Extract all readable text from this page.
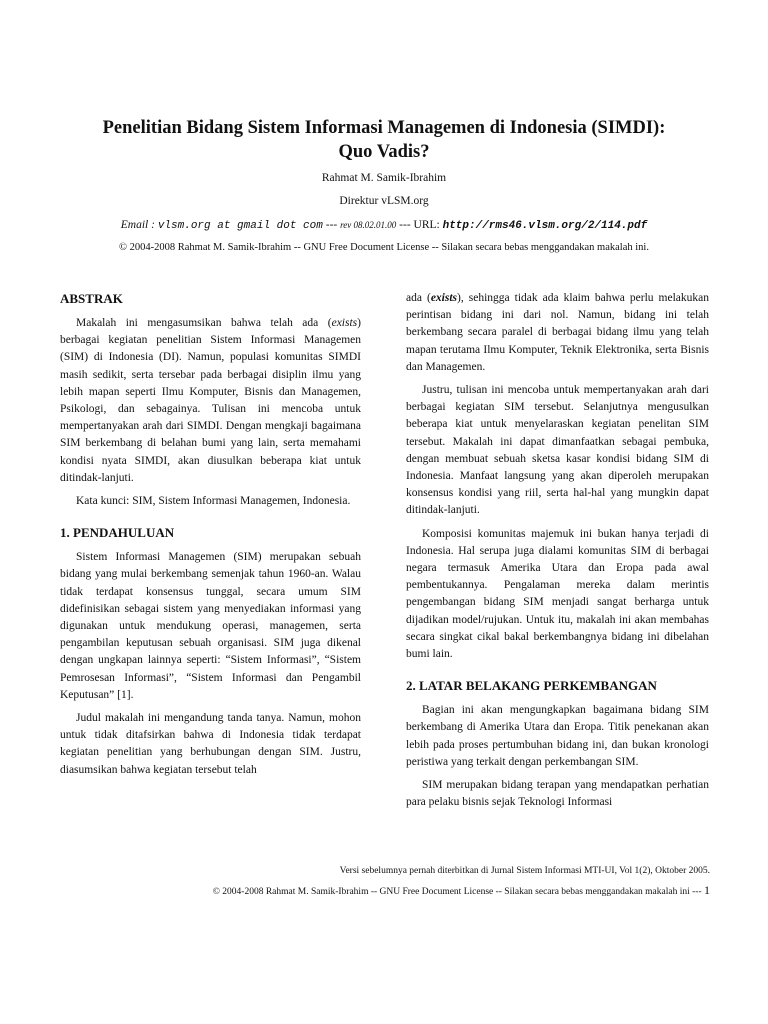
Penelitian Bidang Sistem Informasi Managemen di Indonesia (SIMDI):
Quo Vadis?
Rahmat M. Samik-Ibrahim
Direktur vLSM.org
Email : vlsm.org at gmail dot com --- rev 08.02.01.00 --- URL: http://rms46.vlsm.org/2/114.pdf
© 2004-2008 Rahmat M. Samik-Ibrahim -- GNU Free Document License -- Silakan secara bebas menggandakan makalah ini.
ABSTRAK

Makalah ini mengasumsikan bahwa telah ada (exists) berbagai kegiatan penelitian Sistem Informasi Managemen (SIM) di Indonesia (DI). Namun, populasi komunitas SIMDI masih sedikit, serta tersebar pada berbagai disiplin ilmu yang lebih mapan seperti Ilmu Komputer, Bisnis dan Managemen, Psikologi, dan sebagainya. Tulisan ini mencoba untuk mempertanyakan arah dari SIMDI. Dengan mengkaji bagaimana SIM berkembang di belahan bumi yang lain, serta memahami kondisi nyata SIMDI, akan diusulkan beberapa kiat untuk ditindak-lanjuti.

Kata kunci: SIM, Sistem Informasi Managemen, Indonesia.

1. PENDAHULUAN

Sistem Informasi Managemen (SIM) merupakan sebuah bidang yang mulai berkembang semenjak tahun 1960-an. Walau tidak terdapat konsensus tunggal, secara umum SIM didefinisikan sebagai sistem yang menyediakan informasi yang digunakan untuk mendukung operasi, managemen, serta pengambilan keputusan sebuah organisasi. SIM juga dikenal dengan ungkapan lainnya seperti: “Sistem Informasi”, “Sistem Pemrosesan Informasi”, “Sistem Informasi dan Pengambil Keputusan” [1].

Judul makalah ini mengandung tanda tanya. Namun, mohon untuk tidak ditafsirkan bahwa di Indonesia tidak terdapat kegiatan penelitian yang berhubungan dengan SIM. Justru, diasumsikan bahwa kegiatan tersebut telah

ada (exists), sehingga tidak ada klaim bahwa perlu melakukan perintisan bidang ini dari nol. Namun, bidang ini telah berkembang secara paralel di berbagai bidang ilmu yang telah mapan terutama Ilmu Komputer, Teknik Elektronika, serta Bisnis dan Managemen.

Justru, tulisan ini mencoba untuk mempertanyakan arah dari berbagai kegiatan SIM tersebut. Selanjutnya mengusulkan beberapa kiat untuk menyelaraskan kegiatan penelitan SIM tersebut. Makalah ini dapat dimanfaatkan sebagai pembuka, dengan membuat sebuah sketsa kasar kondisi bidang SIM di Indonesia. Manfaat langsung yang akan diperoleh merupakan konsensus kondisi yang riil, serta hal-hal yang mungkin dapat ditindak-lanjuti.

Komposisi komunitas majemuk ini bukan hanya terjadi di Indonesia. Hal serupa juga dialami komunitas SIM di berbagai negara termasuk Amerika Utara dan Eropa pada awal pembentukannya. Pengalaman mereka dalam merintis pengembangan bidang SIM menjadi sangat berharga untuk dijadikan model/rujukan. Untuk itu, makalah ini akan membahas secara singkat cikal bakal berkembangnya bidang ini dibelahan bumi lain.

2. LATAR BELAKANG PERKEMBANGAN

Bagian ini akan mengungkapkan bagaimana bidang SIM berkembang di Amerika Utara dan Eropa. Titik penekanan akan lebih pada proses pertumbuhan bidang ini, dan bukan kronologi peristiwa yang terkait dengan perkembangan SIM.

SIM merupakan bidang terapan yang mendapatkan perhatian para pelaku bisnis sejak Teknologi Informasi

Versi sebelumnya pernah diterbitkan di Jurnal Sistem Informasi MTI-UI, Vol 1(2), Oktober 2005.
© 2004-2008 Rahmat M. Samik-Ibrahim -- GNU Free Document License -- Silakan secara bebas menggandakan makalah ini --- 1
